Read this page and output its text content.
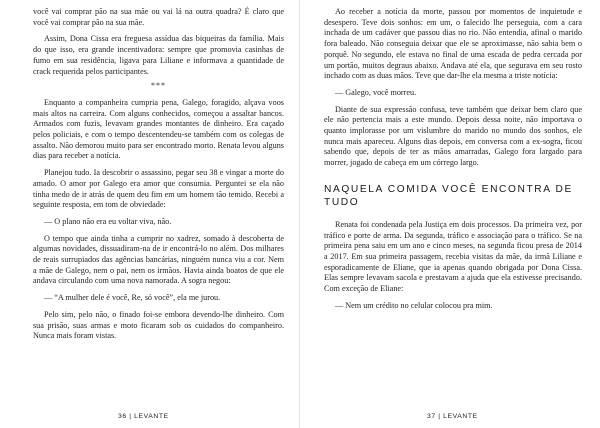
você vai comprar pão na sua mãe ou vai lá na outra quadra? É claro que você vai comprar pão na sua mãe.

Assim, Dona Cissa era freguesa assídua das biqueiras da família. Mais do que isso, era grande incentivadora: sempre que promovia casinhas de fumo em sua residência, ligava para Liliane e informava a quantidade de crack requerida pelos participantes.

***

Enquanto a companheira cumpria pena, Galego, foragido, alçava voos mais altos na carreira. Com alguns conhecidos, começou a assaltar bancos. Armados com fuzis, levavam grandes montantes de dinheiro. Era caçado pelos policiais, e com o tempo descentendeu-se também com os colegas de assalto. Não demorou muito para ser encontrado morto. Renata levou alguns dias para receber a notícia.

Planejou tudo. Ia descobrir o assassino, pegar seu 38 e vingar a morte do amado. O amor por Galego era amor que consumia. Perguntei se ela não tinha medo de ir atrás de quem deu fim em um homem tão temido. Recebi a seguinte resposta, em tom de obviedade:

— O plano não era eu voltar viva, não.

O tempo que ainda tinha a cumprir no xadrez, somado à descoberta de algumas novidades, dissuadiram-na de ir encontrá-lo no além. Dos milhares de reais surrupiados das agências bancárias, ninguém nunca viu a cor. Nem a mãe de Galego, nem o pai, nem os irmãos. Havia ainda boatos de que ele andava circulando com uma nova namorada. A sogra negou:

— “A mulher dele é você, Re, só você”, ela me jurou.

Pelo sim, pelo não, o finado foi-se embora devendo-lhe dinheiro. Com sua prisão, suas armas e moto ficaram sob os cuidados do companheiro. Nunca mais foram vistas.

36 | LEVANTE

Ao receber a notícia da morte, passou por momentos de inquietude e desespero. Teve dois sonhos: em um, o falecido lhe perseguia, com a cara inchada de um cadáver que passou dias no rio. Não entendia, afinal o marido fora baleado. Não conseguia deixar que ele se aproximasse, não sabia bem o porquê. No segundo, ele estava no final de uma escada de pedra cercada por um portão, muitos degraus abaixo. Andava até ela, que segurava em seu rosto inchado com as duas mãos. Teve que dar-lhe ela mesma a triste notícia:

— Galego, você morreu.

Diante de sua expressão confusa, teve também que deixar bem claro que ele não pertencia mais a este mundo. Depois dessa noite, não importava o quanto implorasse por um vislumbre do marido no mundo dos sonhos, ele nunca mais apareceu. Alguns dias depois, em conversa com a ex-sogra, ficou sabendo que, depois de ter as mãos amarradas, Galego fora largado para morrer, jogado de cabeça em um córrego largo.

NAQUELA COMIDA VOCÊ ENCONTRA DE TUDO

Renata foi condenada pela Justiça em dois processos. Da primeira vez, por tráfico e porte de arma. Da segunda, tráfico e associação para o tráfico. Se na primeira pena saiu em um ano e cinco meses, na segunda ficou presa de 2014 a 2017. Em sua primeira passagem, recebia visitas da mãe, da irmã Liliane e esporadicamente de Eliane, que ia apenas quando obrigada por Dona Cissa. Elas sempre levavam sacola e prestavam a ajuda que ela estivesse precisando. Com exceção de Eliane:

— Nem um crédito no celular colocou pra mim.

37 | LEVANTE
